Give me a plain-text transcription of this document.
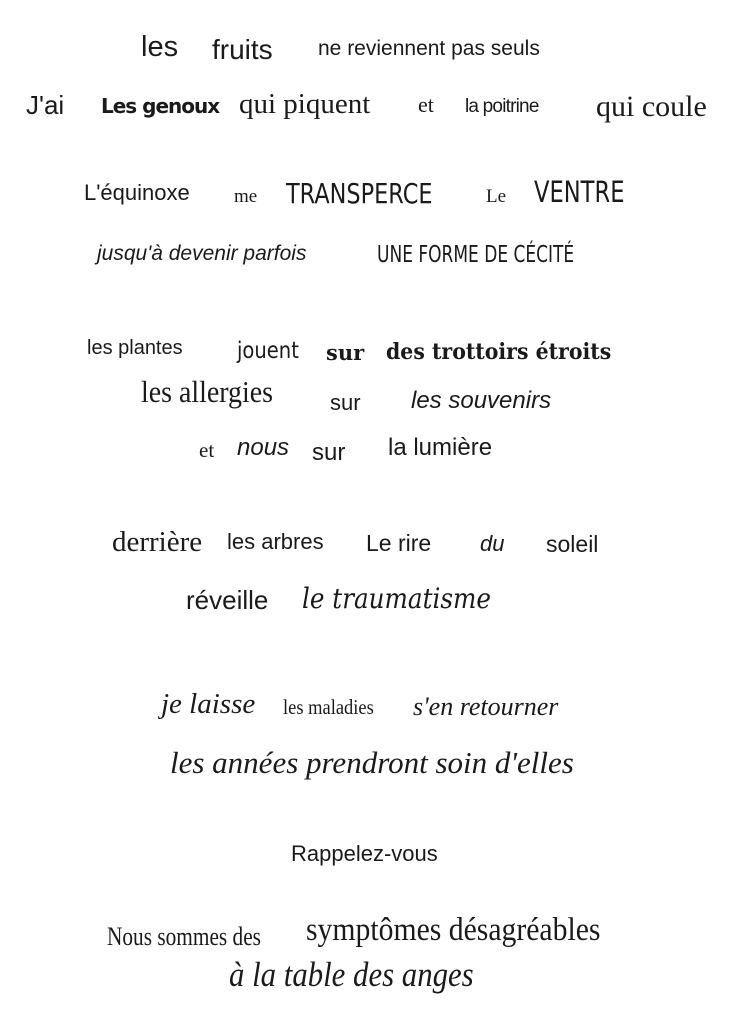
les fruits ne reviennent pas seuls
J'ai Les genoux qui piquent et la poitrine qui coule
L'équinoxe me TRANSPERCE	Le VENTRE
jusqu'à devenir parfois	UNE FORME DE CÉCITÉ
les plantes jouent sur des trottoirs étroits
les allergies	sur les souvenirs
et nous sur la lumière
derrière les arbres Le rire du soleil
réveille le traumatisme
je laisse les maladies s'en retourner
les années prendront soin d'elles
Rappelez-vous
Nous sommes des symptômes désagréables
à la table des anges
